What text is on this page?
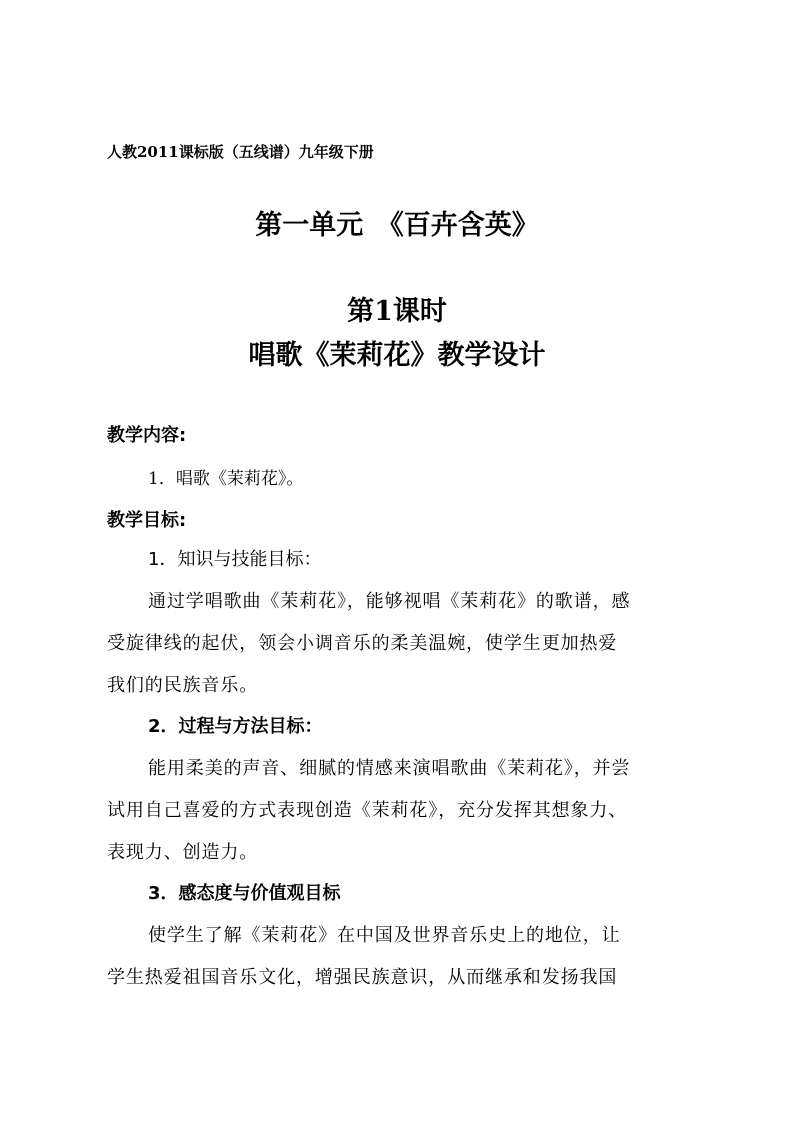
人教2011课标版（五线谱）九年级下册
第一单元　《百卉含英》
第1课时
唱歌《茉莉花》教学设计
教学内容:
1．唱歌《茉莉花》。
教学目标:
1．知识与技能目标：
通过学唱歌曲《茉莉花》，能够视唱《茉莉花》的歌谱，感
受旋律线的起伏，领会小调音乐的柔美温婉，使学生更加热爱
我们的民族音乐。
2．过程与方法目标：
能用柔美的声音、细腻的情感来演唱歌曲《茉莉花》，并尝
试用自己喜爱的方式表现创造《茉莉花》，充分发挥其想象力、
表现力、创造力。
3．感态度与价值观目标
使学生了解《茉莉花》在中国及世界音乐史上的地位，让
学生热爱祖国音乐文化，增强民族意识，从而继承和发扬我国
